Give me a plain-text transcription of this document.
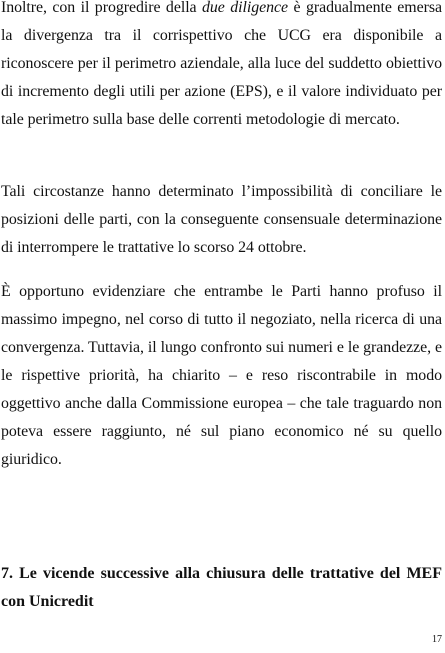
Inoltre, con il progredire della due diligence è gradualmente emersa la divergenza tra il corrispettivo che UCG era disponibile a riconoscere per il perimetro aziendale, alla luce del suddetto obiettivo di incremento degli utili per azione (EPS), e il valore individuato per tale perimetro sulla base delle correnti metodologie di mercato.

Tali circostanze hanno determinato l’impossibilità di conciliare le posizioni delle parti, con la conseguente consensuale determinazione di interrompere le trattative lo scorso 24 ottobre.

È opportuno evidenziare che entrambe le Parti hanno profuso il massimo impegno, nel corso di tutto il negoziato, nella ricerca di una convergenza. Tuttavia, il lungo confronto sui numeri e le grandezze, e le rispettive priorità, ha chiarito – e reso riscontrabile in modo oggettivo anche dalla Commissione europea – che tale traguardo non poteva essere raggiunto, né sul piano economico né su quello giuridico.

7. Le vicende successive alla chiusura delle trattative del MEF con Unicredit
17
